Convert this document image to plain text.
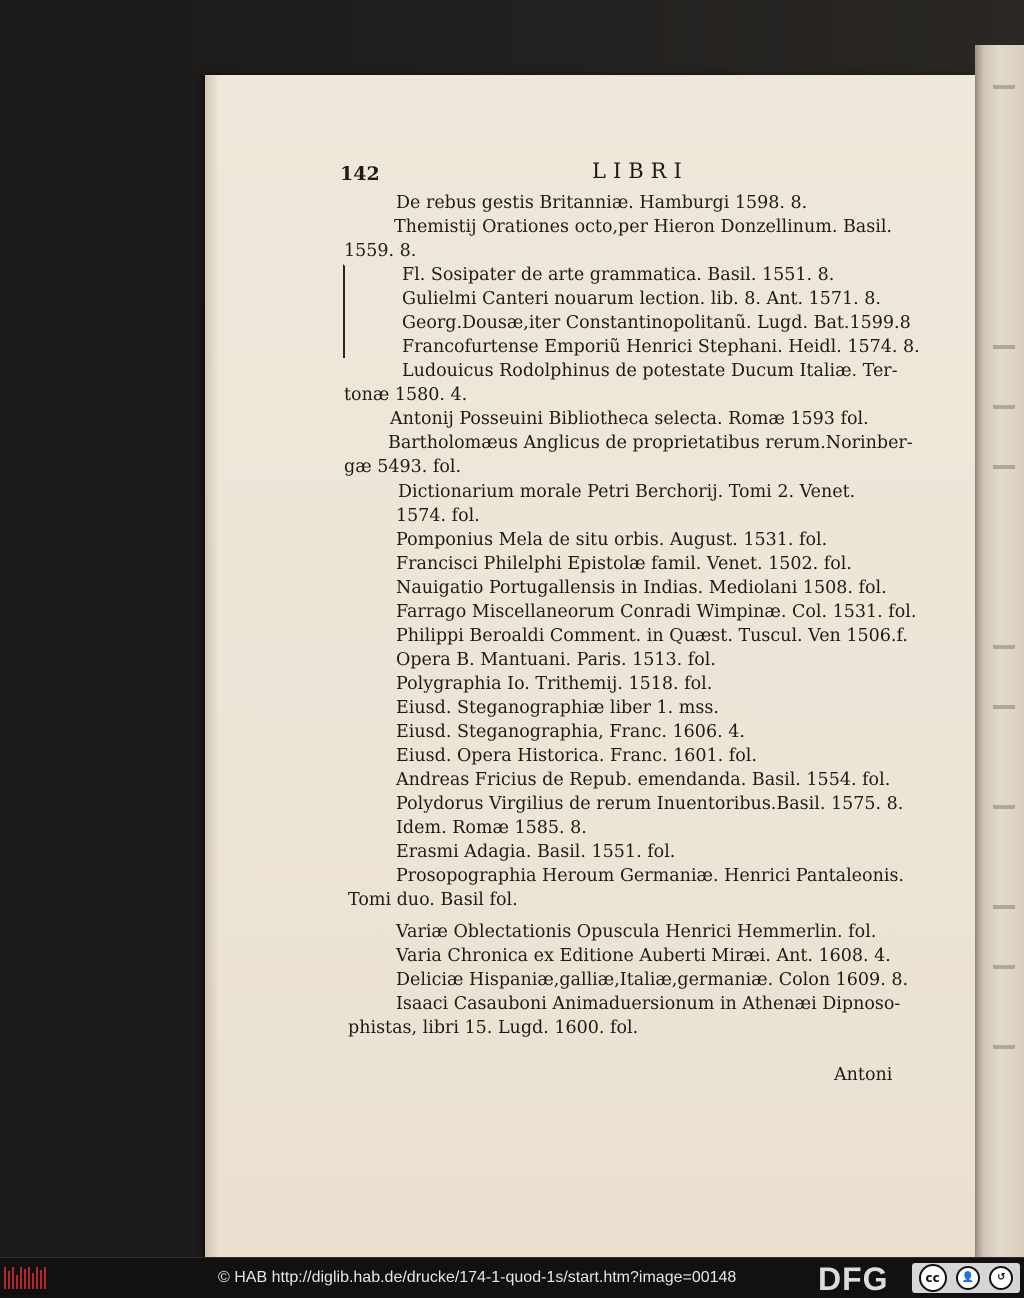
142	LIBRI
De rebus gestis Britanniæ. Hamburgi 1598. 8.
Themistij Orationes octo,per Hieron Donzellinum. Basil.
1559. 8.
Fl. Sosipater de arte grammatica. Basil. 1551. 8.
Gulielmi Canteri nouarum lection. lib. 8. Ant. 1571. 8.
Georg.Dousæ,iter Constantinopolitanũ. Lugd. Bat.1599.8
Francofurtense Emporiũ Henrici Stephani. Heidl. 1574. 8.
Ludouicus Rodolphinus de potestate Ducum Italiæ. Ter-
tonæ 1580. 4.
Antonij Posseuini Bibliotheca selecta. Romæ 1593 fol.
Bartholomæus Anglicus de proprietatibus rerum.Norinber-
gæ 5493. fol.
Dictionarium morale Petri Berchorij. Tomi 2. Venet.
1574. fol.
Pomponius Mela de situ orbis. August. 1531. fol.
Francisci Philelphi Epistolæ famil. Venet. 1502. fol.
Nauigatio Portugallensis in Indias. Mediolani 1508. fol.
Farrago Miscellaneorum Conradi Wimpinæ. Col. 1531. fol.
Philippi Beroaldi Comment. in Quæst. Tuscul. Ven 1506.f.
Opera B. Mantuani. Paris. 1513. fol.
Polygraphia Io. Trithemij. 1518. fol.
Eiusd. Steganographiæ liber 1. mss.
Eiusd. Steganographia, Franc. 1606. 4.
Eiusd. Opera Historica. Franc. 1601. fol.
Andreas Fricius de Repub. emendanda. Basil. 1554. fol.
Polydorus Virgilius de rerum Inuentoribus.Basil. 1575. 8.
Idem. Romæ 1585. 8.
Erasmi Adagia. Basil. 1551. fol.
Prosopographia Heroum Germaniæ. Henrici Pantaleonis.
Tomi duo. Basil fol.
Variæ Oblectationis Opuscula Henrici Hemmerlin. fol.
Varia Chronica ex Editione Auberti Miræi. Ant. 1608. 4.
Deliciæ Hispaniæ,galliæ,Italiæ,germaniæ. Colon 1609. 8.
Isaaci Casauboni Animaduersionum in Athenæi Dipnoso-
phistas, libri 15. Lugd. 1600. fol.
Antoni
© HAB http://diglib.hab.de/drucke/174-1-quod-1s/start.htm?image=00148	DFG	cc	👤	↺
